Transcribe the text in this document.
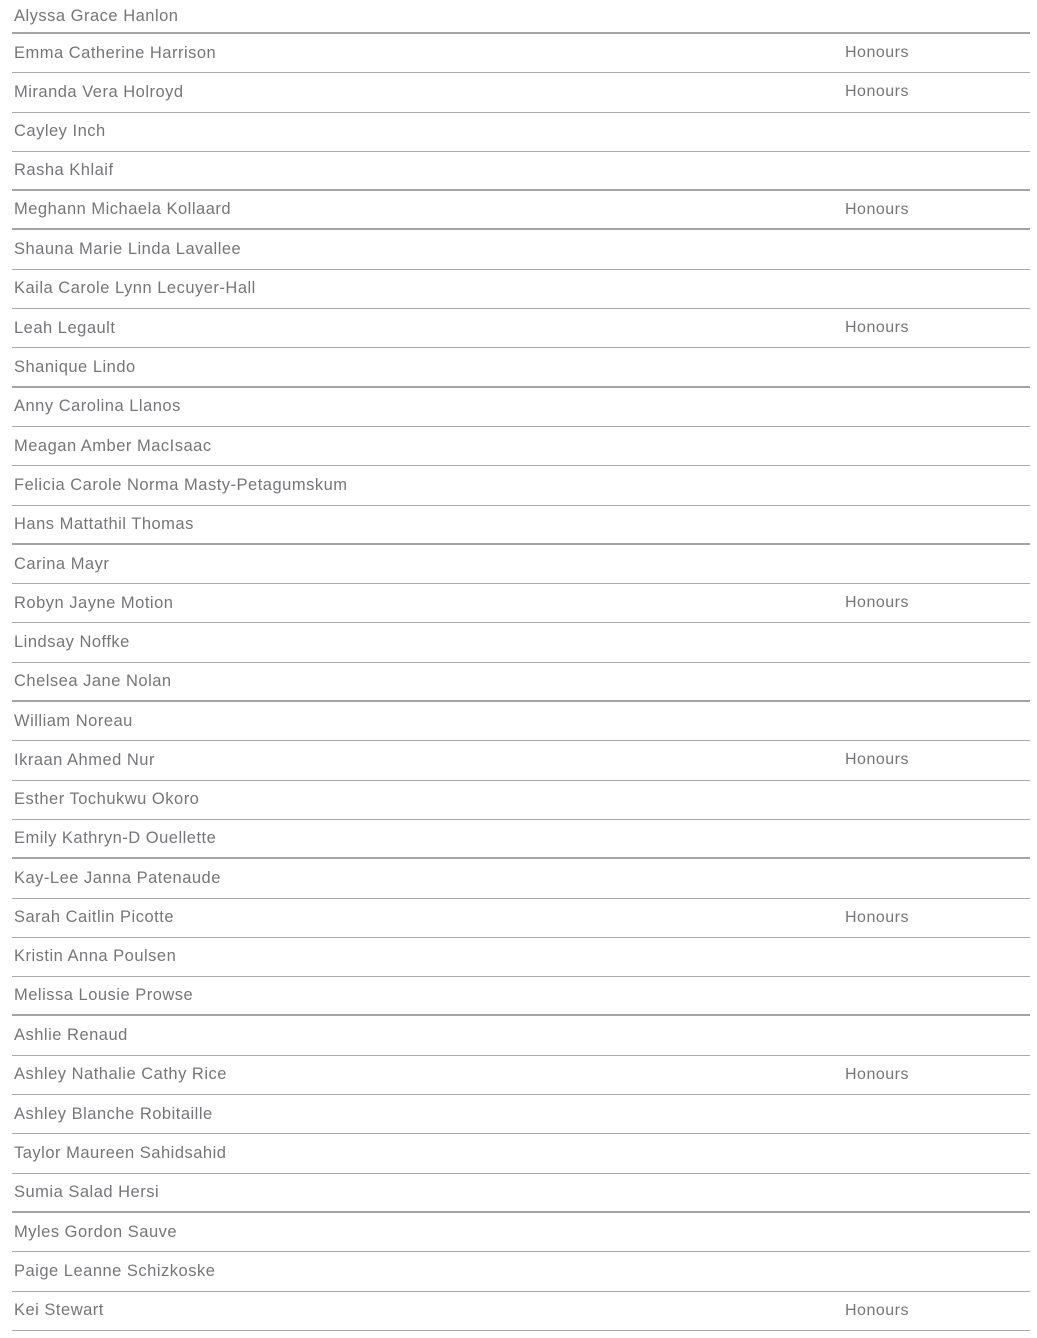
Alyssa Grace Hanlon
Emma Catherine Harrison	Honours
Miranda Vera Holroyd	Honours
Cayley Inch
Rasha Khlaif
Meghann Michaela Kollaard	Honours
Shauna Marie Linda Lavallee
Kaila Carole Lynn Lecuyer-Hall
Leah Legault	Honours
Shanique Lindo
Anny Carolina Llanos
Meagan Amber MacIsaac
Felicia Carole Norma Masty-Petagumskum
Hans Mattathil Thomas
Carina Mayr
Robyn Jayne Motion	Honours
Lindsay Noffke
Chelsea Jane Nolan
William Noreau
Ikraan Ahmed Nur	Honours
Esther Tochukwu Okoro
Emily Kathryn-D Ouellette
Kay-Lee Janna Patenaude
Sarah Caitlin Picotte	Honours
Kristin Anna Poulsen
Melissa Lousie Prowse
Ashlie Renaud
Ashley Nathalie Cathy Rice	Honours
Ashley Blanche Robitaille
Taylor Maureen Sahidsahid
Sumia Salad Hersi
Myles Gordon Sauve
Paige Leanne Schizkoske
Kei Stewart	Honours
